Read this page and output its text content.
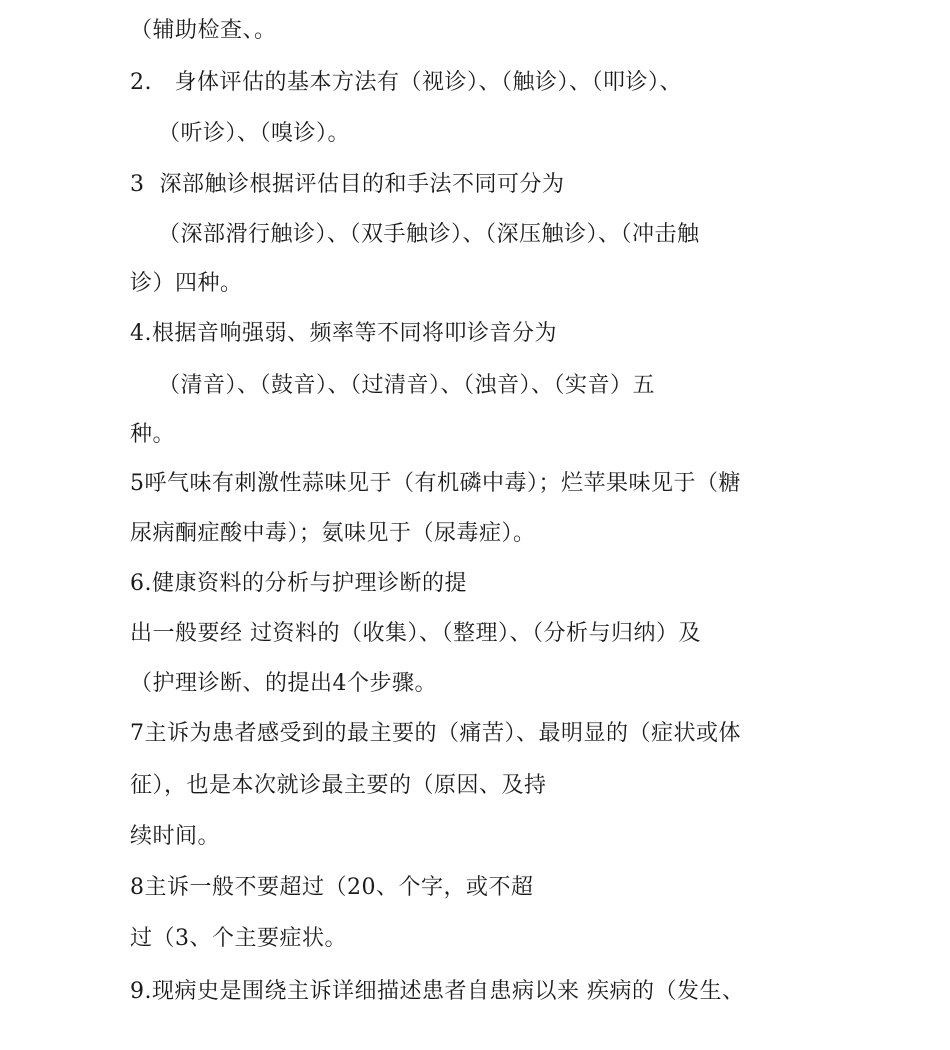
（辅助检查、。
2.　身体评估的基本方法有（视诊）、（触诊）、（叩诊）、
（听诊）、（嗅诊）。
3  深部触诊根据评估目的和手法不同可分为
（深部滑行触诊）、（双手触诊）、（深压触诊）、（冲击触
诊）四种。
4.根据音响强弱、频率等不同将叩诊音分为
（清音）、（鼓音）、（过清音）、（浊音）、（实音）五
种。
5呼气味有刺激性蒜味见于（有机磷中毒）；烂苹果味见于（糖
尿病酮症酸中毒）；氨味见于（尿毒症）。
6.健康资料的分析与护理诊断的提
出一般要经 过资料的（收集）、（整理）、（分析与归纳）及
（护理诊断、的提出4个步骤。
7主诉为患者感受到的最主要的（痛苦）、最明显的（症状或体
征），也是本次就诊最主要的（原因、及持
续时间。
8主诉一般不要超过（20、个字，或不超
过（3、个主要症状。
9.现病史是围绕主诉详细描述患者自患病以来 疾病的（发生、
